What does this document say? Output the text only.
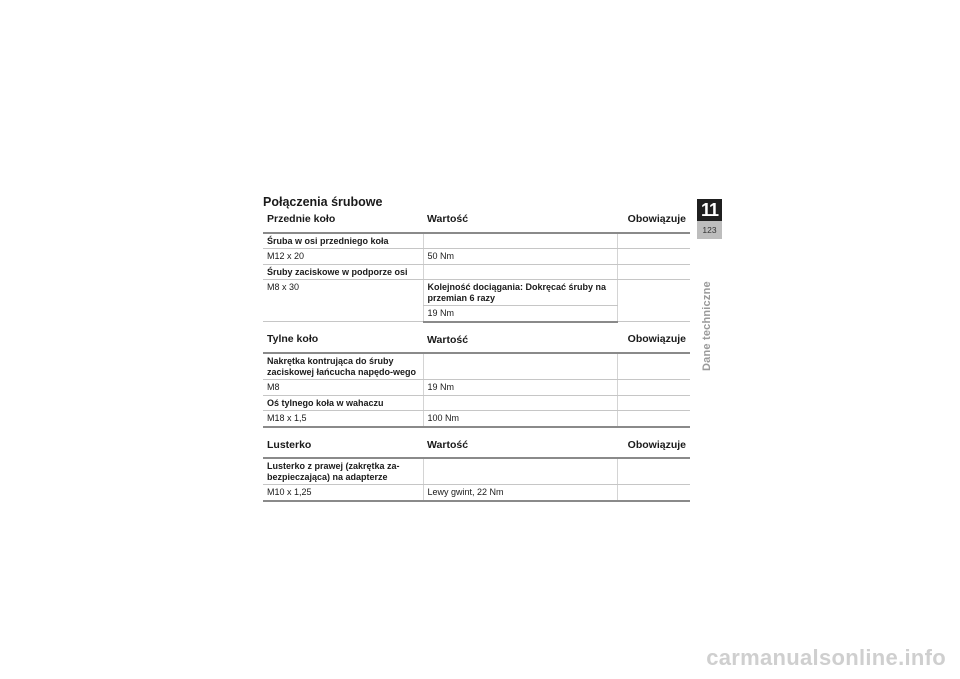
Połączenia śrubowe
Przednie koło	Wartość	Obowiązuje
Śruba w osi przedniego koła		
M12 x 20	50 Nm	
Śruby zaciskowe w podporze osi		
M8 x 30	Kolejność dociągania: Dokręcać śruby na przemian 6 razy	
	19 Nm	
Tylne koło	Wartość	Obowiązuje
Nakrętka kontrująca do śruby zaciskowej łańcucha napędo-wego		
M8	19 Nm	
Oś tylnego koła w wahaczu		
M18 x 1,5	100 Nm	
Lusterko	Wartość	Obowiązuje
Lusterko z prawej (zakrętka za-bezpieczająca) na adapterze		
M10 x 1,25	Lewy gwint, 22 Nm	
11
123
Dane techniczne
carmanualsonline.info
